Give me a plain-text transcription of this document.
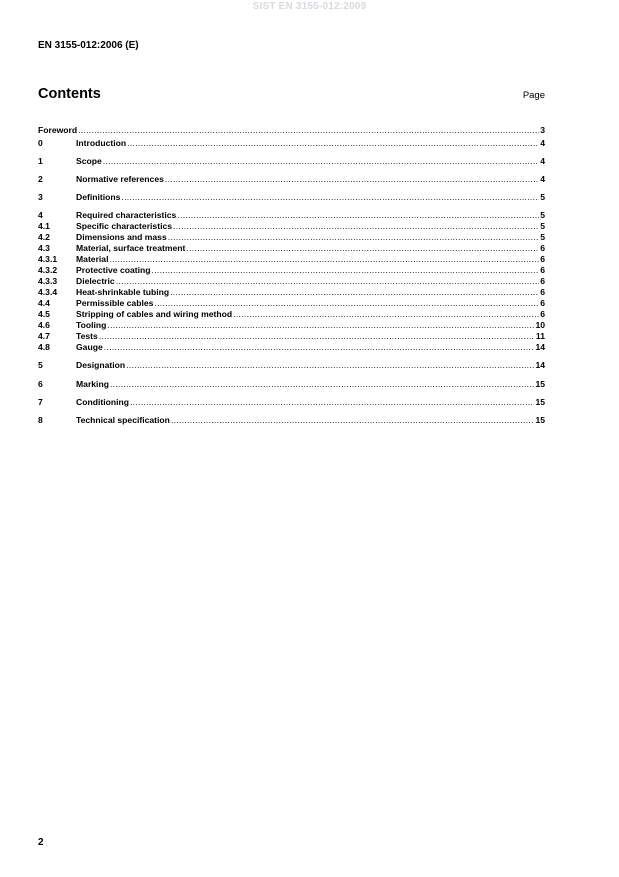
SIST EN 3155-012:2009
EN 3155-012:2006 (E)
Contents	Page
Foreword .....	3
0	Introduction .....	4
1	Scope .....	4
2	Normative references .....	4
3	Definitions .....	5
4	Required characteristics .....	5
4.1	Specific characteristics .....	5
4.2	Dimensions and mass .....	5
4.3	Material, surface treatment .....	6
4.3.1	Material .....	6
4.3.2	Protective coating .....	6
4.3.3	Dielectric .....	6
4.3.4	Heat-shrinkable tubing .....	6
4.4	Permissible cables .....	6
4.5	Stripping of cables and wiring method .....	6
4.6	Tooling .....	10
4.7	Tests .....	11
4.8	Gauge .....	14
5	Designation .....	14
6	Marking .....	15
7	Conditioning .....	15
8	Technical specification .....	15
2
